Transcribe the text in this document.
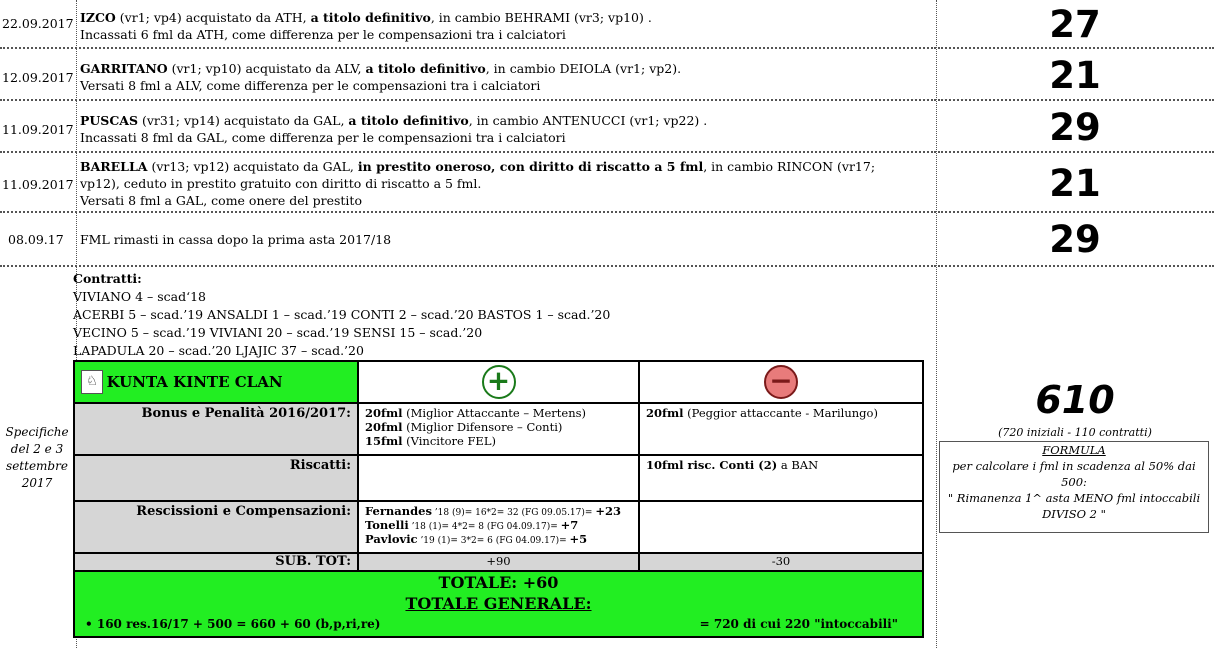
22.09.2017 IZCO (vr1; vp4) acquistato da ATH, a titolo definitivo, in cambio BEHRAMI (vr3; vp10) .
Incassati 6 fml da ATH, come differenza per le compensazioni tra i calciatori	27
12.09.2017
GARRITANO (vr1; vp10) acquistato da ALV, a titolo definitivo, in cambio DEIOLA (vr1; vp2).
Versati 8 fml a ALV, come differenza per le compensazioni tra i calciatori	21
11.09.2017
PUSCAS (vr31; vp14) acquistato da GAL, a titolo definitivo, in cambio ANTENUCCI (vr1; vp22) .
Incassati 8 fml da GAL, come differenza per le compensazioni tra i calciatori	29
11.09.2017
BARELLA (vr13; vp12) acquistato da GAL, in prestito oneroso, con diritto di riscatto a 5 fml, in cambio RINCON (vr17;
vp12), ceduto in prestito gratuito con diritto di riscatto a 5 fml.
Versati 8 fml a GAL, come onere del prestito	21
08.09.17	FML rimasti in cassa dopo la prima asta 2017/18	29
Specifiche del 2 e 3 settembre 2017
Contratti:
VIVIANO 4 – scad‘18
ACERBI 5 – scad.’19 ANSALDI 1 – scad.’19 CONTI 2 – scad.’20 BASTOS 1 – scad.’20
VECINO 5 – scad.’19 VIVIANI 20 – scad.’19 SENSI 15 – scad.’20
LAPADULA 20 – scad.’20 LJAJIC 37 – scad.’20
♘ KUNTA KINTE CLAN	+	−
Bonus e Penalità 2016/2017:	20fml (Miglior Attaccante – Mertens)
20fml (Miglior Difensore – Conti)
15fml (Vincitore FEL)	20fml (Peggior attaccante - Marilungo)
Riscatti:		10fml risc. Conti (2) a BAN
Rescissioni e Compensazioni:	Fernandes ’18 (9)= 16*2= 32 (FG 09.05.17)= +23
Tonelli ’18 (1)= 4*2= 8 (FG 04.09.17)= +7
Pavlovic ’19 (1)= 3*2= 6 (FG 04.09.17)= +5	

SUB. TOT:	+90	-30

TOTALE: +60
TOTALE GENERALE:
• 160 res.16/17 + 500 = 660 + 60 (b,p,ri,re) = 720 di cui 220 "intoccabili"		
610
(720 iniziali - 110 contratti)
FORMULA
per calcolare i fml in scadenza al 50% dai 500:
" Rimanenza 1^ asta MENO fml intoccabili DIVISO 2 "
